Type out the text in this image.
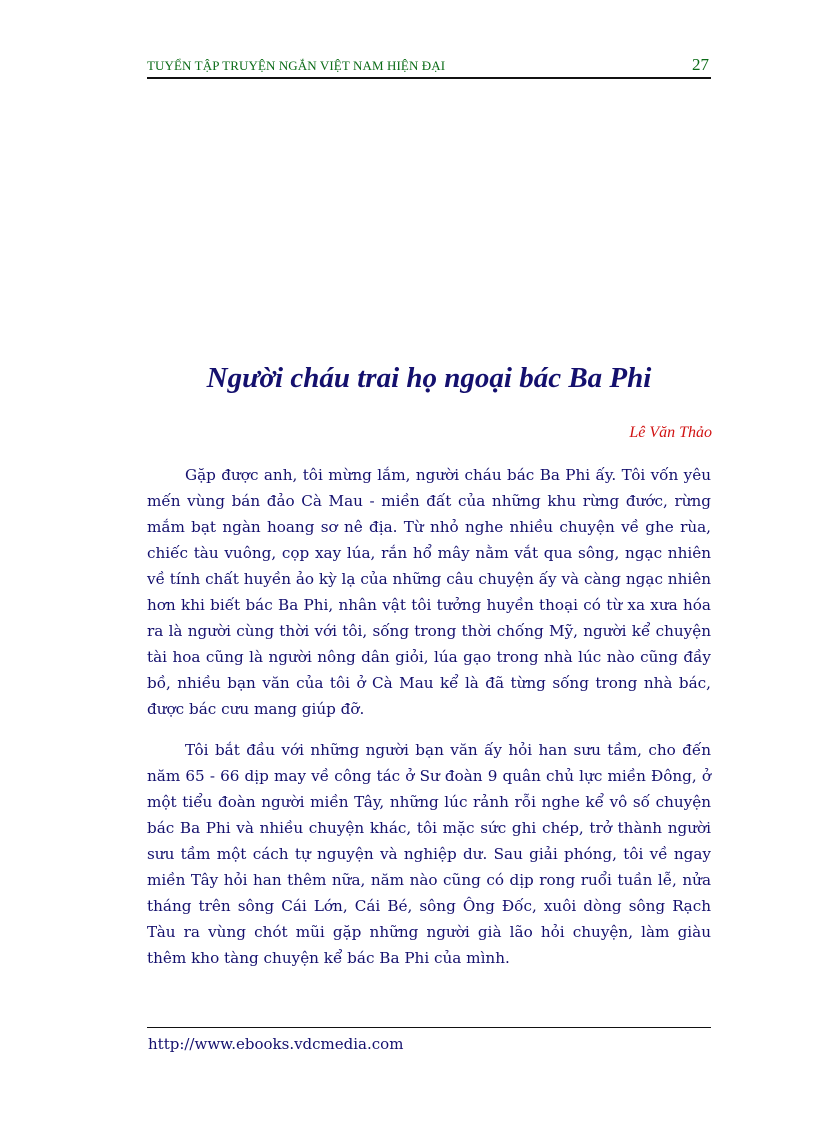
TUYỂN TẬP TRUYỆN NGẮN VIỆT NAM HIỆN ĐẠI	27
Người cháu trai họ ngoại bác Ba Phi
Lê Văn Thảo

Gặp được anh, tôi mừng lắm, người cháu bác Ba Phi ấy. Tôi vốn yêu mến vùng bán đảo Cà Mau - miền đất của những khu rừng đước, rừng mắm bạt ngàn hoang sơ nê địa. Từ nhỏ nghe nhiều chuyện về ghe rùa, chiếc tàu vuông, cọp xay lúa, rắn hổ mây nằm vắt qua sông, ngạc nhiên về tính chất huyền ảo kỳ lạ của những câu chuyện ấy và càng ngạc nhiên hơn khi biết bác Ba Phi, nhân vật tôi tưởng huyền thoại có từ xa xưa hóa ra là người cùng thời với tôi, sống trong thời chống Mỹ, người kể chuyện tài hoa cũng là người nông dân giỏi, lúa gạo trong nhà lúc nào cũng đầy bồ, nhiều bạn văn của tôi ở Cà Mau kể là đã từng sống trong nhà bác, được bác cưu mang giúp đỡ.

Tôi bắt đầu với những người bạn văn ấy hỏi han sưu tầm, cho đến năm 65 - 66 dịp may về công tác ở Sư đoàn 9 quân chủ lực miền Đông, ở một tiểu đoàn người miền Tây, những lúc rảnh rỗi nghe kể vô số chuyện bác Ba Phi và nhiều chuyện khác, tôi mặc sức ghi chép, trở thành người sưu tầm một cách tự nguyện và nghiệp dư. Sau giải phóng, tôi về ngay miền Tây hỏi han thêm nữa, năm nào cũng có dịp rong ruổi tuần lễ, nửa tháng trên sông Cái Lớn, Cái Bé, sông Ông Đốc, xuôi dòng sông Rạch Tàu ra vùng chót mũi gặp những người già lão hỏi chuyện, làm giàu thêm kho tàng chuyện kể bác Ba Phi của mình.

http://www.ebooks.vdcmedia.com
